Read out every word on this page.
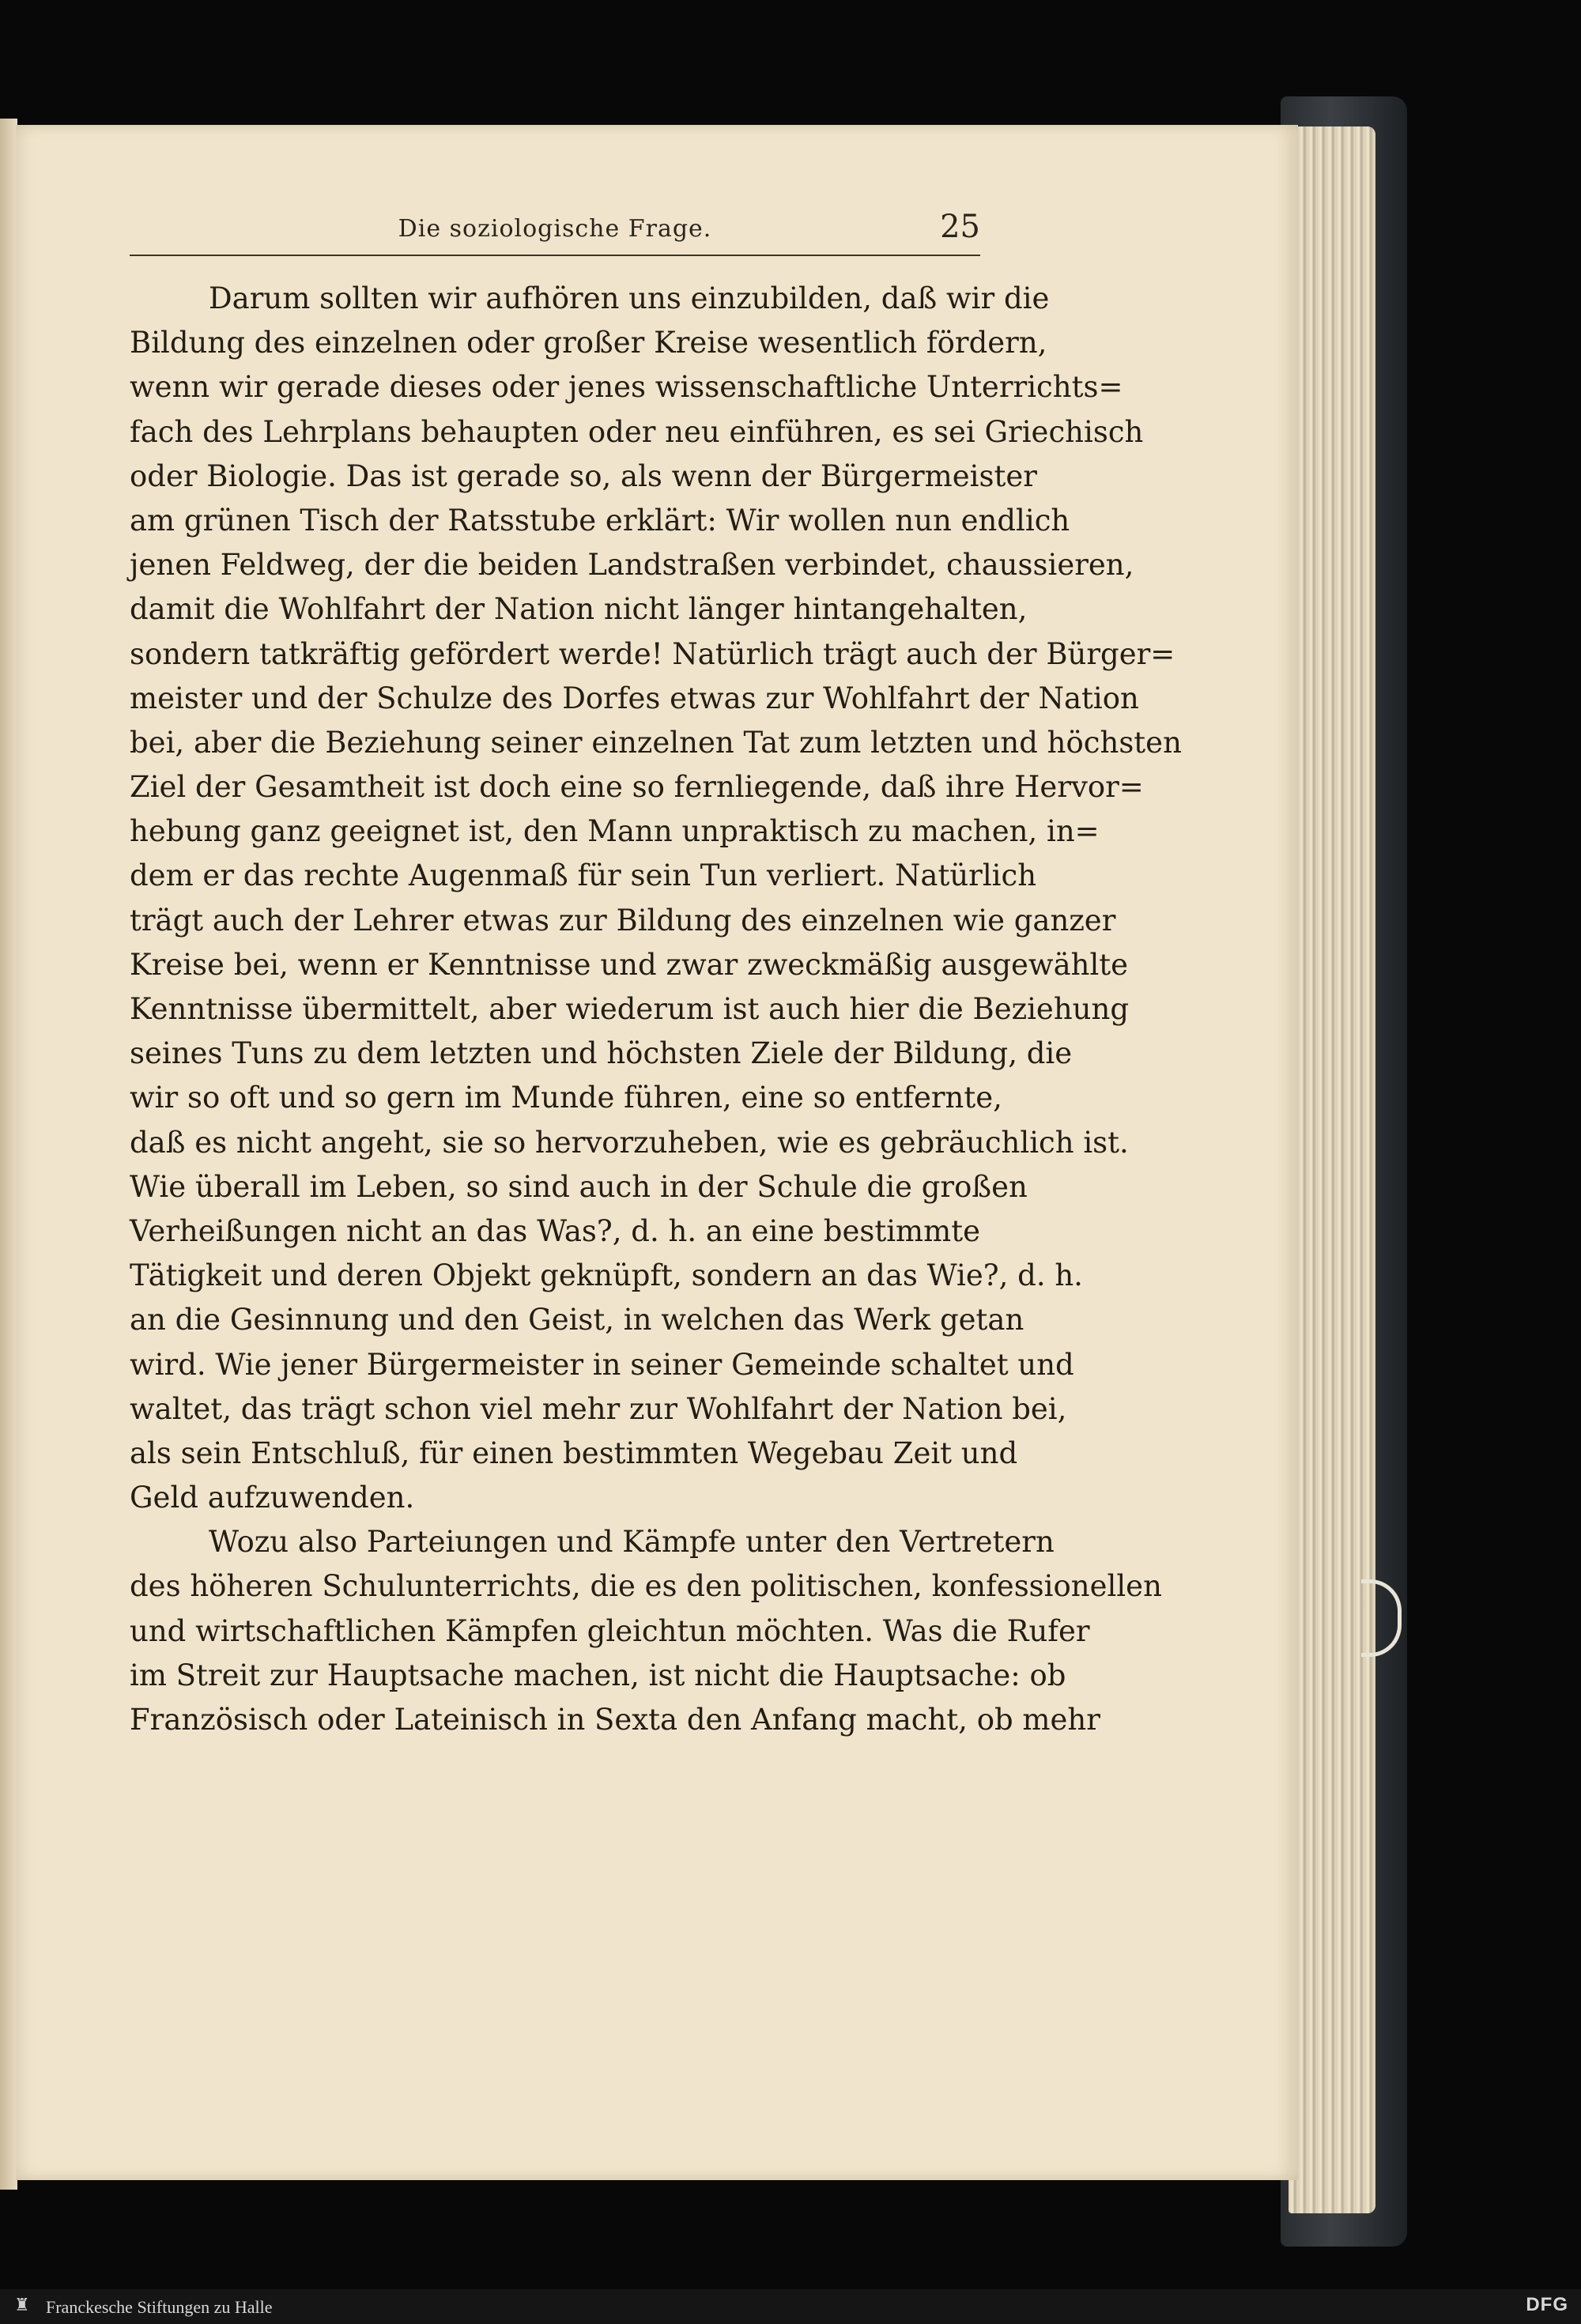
Die soziologische Frage.	25
Darum sollten wir aufhören uns einzubilden, daß wir die
Bildung des einzelnen oder großer Kreise wesentlich fördern,
wenn wir gerade dieses oder jenes wissenschaftliche Unterrichts=
fach des Lehrplans behaupten oder neu einführen, es sei Griechisch
oder Biologie. Das ist gerade so, als wenn der Bürgermeister
am grünen Tisch der Ratsstube erklärt: Wir wollen nun endlich
jenen Feldweg, der die beiden Landstraßen verbindet, chaussieren,
damit die Wohlfahrt der Nation nicht länger hintangehalten,
sondern tatkräftig gefördert werde! Natürlich trägt auch der Bürger=
meister und der Schulze des Dorfes etwas zur Wohlfahrt der Nation
bei, aber die Beziehung seiner einzelnen Tat zum letzten und höchsten
Ziel der Gesamtheit ist doch eine so fernliegende, daß ihre Hervor=
hebung ganz geeignet ist, den Mann unpraktisch zu machen, in=
dem er das rechte Augenmaß für sein Tun verliert. Natürlich
trägt auch der Lehrer etwas zur Bildung des einzelnen wie ganzer
Kreise bei, wenn er Kenntnisse und zwar zweckmäßig ausgewählte
Kenntnisse übermittelt, aber wiederum ist auch hier die Beziehung
seines Tuns zu dem letzten und höchsten Ziele der Bildung, die
wir so oft und so gern im Munde führen, eine so entfernte,
daß es nicht angeht, sie so hervorzuheben, wie es gebräuchlich ist.
Wie überall im Leben, so sind auch in der Schule die großen
Verheißungen nicht an das Was?, d. h. an eine bestimmte
Tätigkeit und deren Objekt geknüpft, sondern an das Wie?, d. h.
an die Gesinnung und den Geist, in welchen das Werk getan
wird. Wie jener Bürgermeister in seiner Gemeinde schaltet und
waltet, das trägt schon viel mehr zur Wohlfahrt der Nation bei,
als sein Entschluß, für einen bestimmten Wegebau Zeit und
Geld aufzuwenden.
Wozu also Parteiungen und Kämpfe unter den Vertretern
des höheren Schulunterrichts, die es den politischen, konfessionellen
und wirtschaftlichen Kämpfen gleichtun möchten. Was die Rufer
im Streit zur Hauptsache machen, ist nicht die Hauptsache: ob
Französisch oder Lateinisch in Sexta den Anfang macht, ob mehr
♜ Franckesche Stiftungen zu Halle	DFG
